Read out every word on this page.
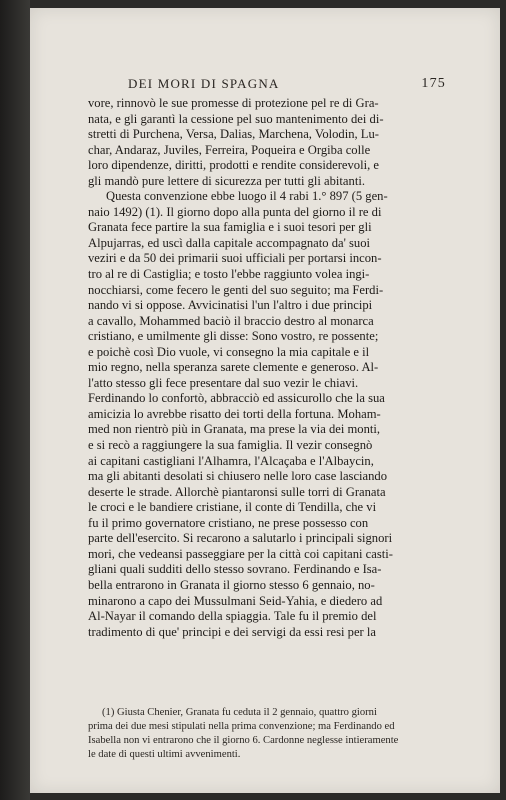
DEI MORI DI SPAGNA	175
vore, rinnovò le sue promesse di protezione pel re di Gra-
nata, e gli garantì la cessione pel suo mantenimento dei di-
stretti di Purchena, Versa, Dalias, Marchena, Volodin, Lu-
char, Andaraz, Juviles, Ferreira, Poqueira e Orgiba colle
loro dipendenze, diritti, prodotti e rendite considerevoli, e
gli mandò pure lettere di sicurezza per tutti gli abitanti.
Questa convenzione ebbe luogo il 4 rabi 1.° 897 (5 gen-
naio 1492) (1). Il giorno dopo alla punta del giorno il re di
Granata fece partire la sua famiglia e i suoi tesori per gli
Alpujarras, ed uscì dalla capitale accompagnato da' suoi
veziri e da 50 dei primarii suoi ufficiali per portarsi incon-
tro al re di Castiglia; e tosto l'ebbe raggiunto volea ingi-
nocchiarsi, come fecero le genti del suo seguito; ma Ferdi-
nando vi si oppose. Avvicinatisi l'un l'altro i due principi
a cavallo, Mohammed baciò il braccio destro al monarca
cristiano, e umilmente gli disse: Sono vostro, re possente;
e poichè così Dio vuole, vi consegno la mia capitale e il
mio regno, nella speranza sarete clemente e generoso. Al-
l'atto stesso gli fece presentare dal suo vezir le chiavi.
Ferdinando lo confortò, abbracciò ed assicurollo che la sua
amicizia lo avrebbe risatto dei torti della fortuna. Moham-
med non rientrò più in Granata, ma prese la via dei monti,
e si recò a raggiungere la sua famiglia. Il vezir consegnò
ai capitani castigliani l'Alhamra, l'Alcaçaba e l'Albaycin,
ma gli abitanti desolati si chiusero nelle loro case lasciando
deserte le strade. Allorchè piantaronsi sulle torri di Granata
le croci e le bandiere cristiane, il conte di Tendilla, che vi
fu il primo governatore cristiano, ne prese possesso con
parte dell'esercito. Si recarono a salutarlo i principali signori
mori, che vedeansi passeggiare per la città coi capitani casti-
gliani quali sudditi dello stesso sovrano. Ferdinando e Isa-
bella entrarono in Granata il giorno stesso 6 gennaio, no-
minarono a capo dei Mussulmani Seid-Yahia, e diedero ad
Al-Nayar il comando della spiaggia. Tale fu il premio del
tradimento di que' principi e dei servigi da essi resi per la
(1) Giusta Chenier, Granata fu ceduta il 2 gennaio, quattro giorni
prima dei due mesi stipulati nella prima convenzione; ma Ferdinando ed
Isabella non vi entrarono che il giorno 6. Cardonne neglesse intieramente
le date di questi ultimi avvenimenti.
